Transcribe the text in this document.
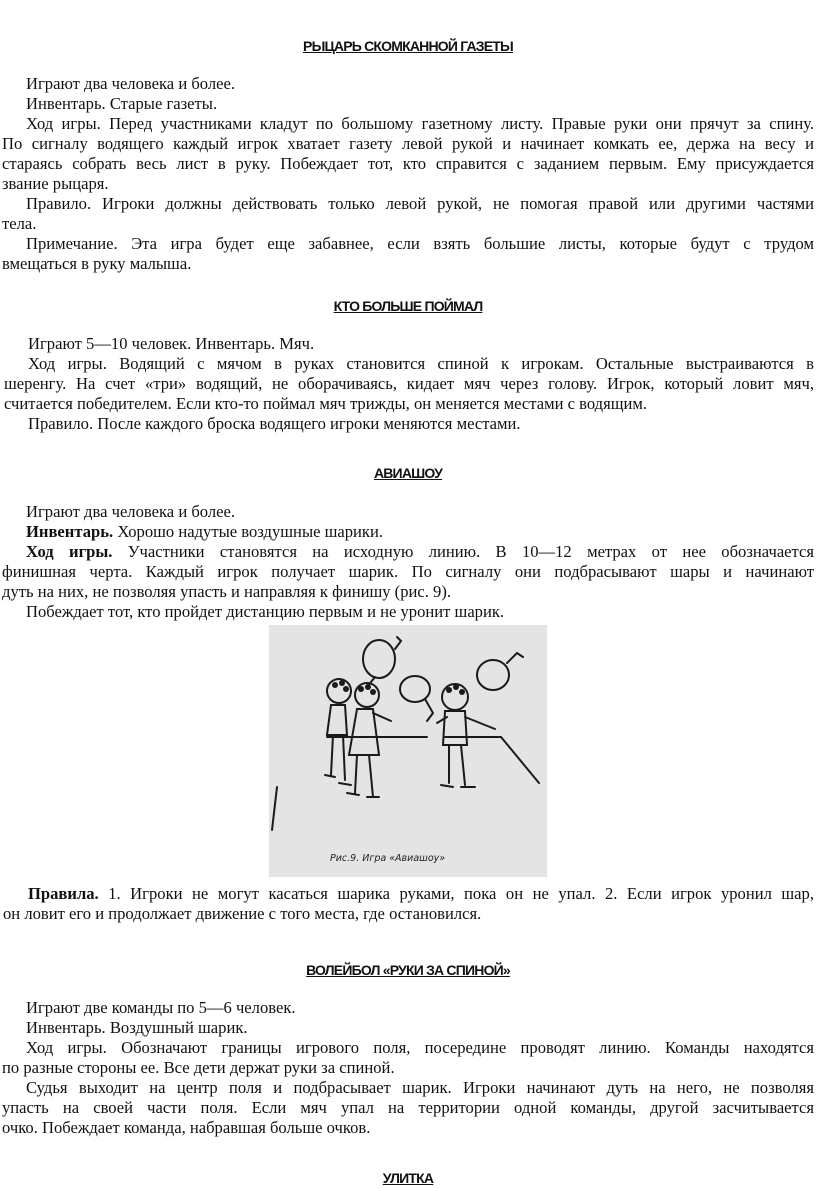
РЫЦАРЬ СКОМКАННОЙ ГАЗЕТЫ

Играют два человека и более.

Инвентарь. Старые газеты.

Ход игры. Перед участниками кладут по большому газетному листу. Правые руки они прячут за спину.

По сигналу водящего каждый игрок хватает газету левой рукой и начинает комкать ее, держа на весу и

стараясь собрать весь лист в руку. Побеждает тот, кто справится с заданием первым. Ему присуждается

звание рыцаря.

Правило. Игроки должны действовать только левой рукой, не помогая правой или другими частями

тела.

Примечание. Эта игра будет еще забавнее, если взять большие листы, которые будут с трудом

вмещаться в руку малыша.

КТО БОЛЬШЕ ПОЙМАЛ

Играют 5—10 человек. Инвентарь. Мяч.

Ход игры. Водящий с мячом в руках становится спиной к игрокам. Остальные выстраиваются в

шеренгу. На счет «три» водящий, не оборачиваясь, кидает мяч через голову. Игрок, который ловит мяч,

считается победителем. Если кто-то поймал мяч трижды, он меняется местами с водящим.

Правило. После каждого броска водящего игроки меняются местами.

АВИАШОУ

Играют два человека и более.

Инвентарь. Хорошо надутые воздушные шарики.

Ход игры. Участники становятся на исходную линию. В 10—12 метрах от нее обозначается

финишная черта. Каждый игрок получает шарик. По сигналу они подбрасывают шары и начинают

дуть на них, не позволяя упасть и направляя к финишу (рис. 9).

Побеждает тот, кто пройдет дистанцию первым и не уронит шарик.

Рис.9. Игра «Авиашоу»

Правила. 1. Игроки не могут касаться шарика руками, пока он не упал. 2. Если игрок уронил шар,

он ловит его и продолжает движение с того места, где остановился.

ВОЛЕЙБОЛ «РУКИ ЗА СПИНОЙ»

Играют две команды по 5—6 человек.

Инвентарь. Воздушный шарик.

Ход игры. Обозначают границы игрового поля, посередине проводят линию. Команды находятся

по разные стороны ее. Все дети держат руки за спиной.

Судья выходит на центр поля и подбрасывает шарик. Игроки начинают дуть на него, не позволяя

упасть на своей части поля. Если мяч упал на территории одной команды, другой засчитывается

очко. Побеждает команда, набравшая больше очков.

УЛИТКА
